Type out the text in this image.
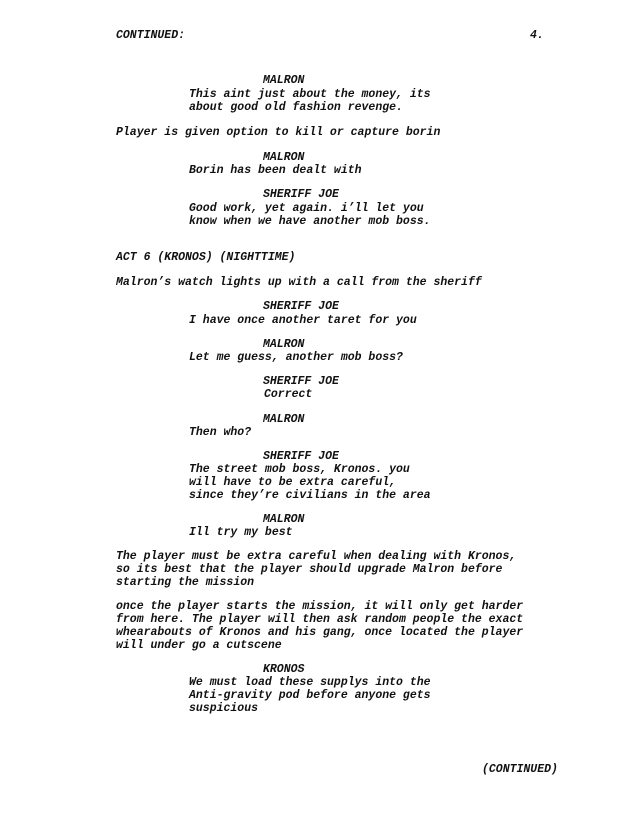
CONTINUED:	4.
MALRON
This aint just about the money, its
about good old fashion revenge.
Player is given option to kill or capture borin
MALRON
Borin has been dealt with
SHERIFF JOE
Good work, yet again. i’ll let you
know when we have another mob boss.
ACT 6 (KRONOS) (NIGHTTIME)
Malron’s watch lights up with a call from the sheriff
SHERIFF JOE
I have once another taret for you
MALRON
Let me guess, another mob boss?
SHERIFF JOE
Correct
MALRON
Then who?
SHERIFF JOE
The street mob boss, Kronos. you
will have to be extra careful,
since they’re civilians in the area
MALRON
Ill try my best
The player must be extra careful when dealing with Kronos,
so its best that the player should upgrade Malron before
starting the mission
once the player starts the mission, it will only get harder
from here. The player will then ask random people the exact
whearabouts of Kronos and his gang, once located the player
will under go a cutscene
KRONOS
We must load these supplys into the
Anti-gravity pod before anyone gets
suspicious
(CONTINUED)
